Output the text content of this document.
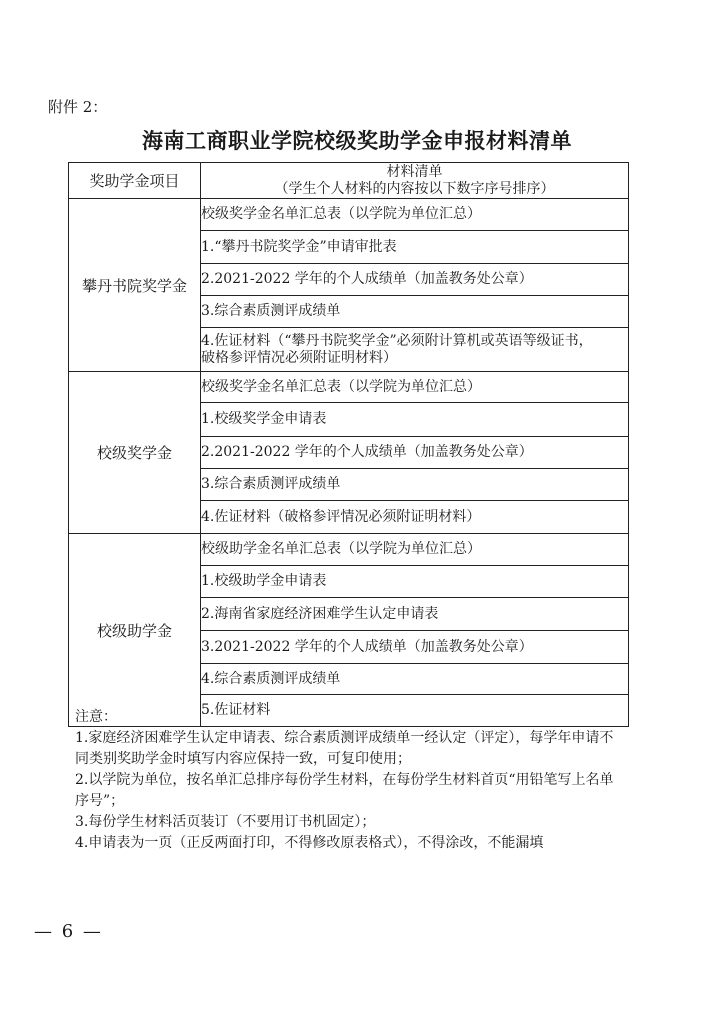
附件 2：
海南工商职业学院校级奖助学金申报材料清单
奖助学金项目	材料清单
（学生个人材料的内容按以下数字序号排序）

攀丹书院奖学金	校级奖学金名单汇总表（以学院为单位汇总）
	1.“攀丹书院奖学金”申请审批表
	2.2021-2022 学年的个人成绩单（加盖教务处公章）
	3.综合素质测评成绩单

	4.佐证材料（“攀丹书院奖学金”必须附计算机或英语等级证书，
破格参评情况必须附证明材料）

校级奖学金	校级奖学金名单汇总表（以学院为单位汇总）
	1.校级奖学金申请表
	2.2021-2022 学年的个人成绩单（加盖教务处公章）
	3.综合素质测评成绩单
	4.佐证材料（破格参评情况必须附证明材料）
校级助学金	校级助学金名单汇总表（以学院为单位汇总）
	1.校级助学金申请表
	2.海南省家庭经济困难学生认定申请表
	3.2021-2022 学年的个人成绩单（加盖教务处公章）
	4.综合素质测评成绩单
	5.佐证材料
注意：
1.家庭经济困难学生认定申请表、综合素质测评成绩单一经认定（评定），每学年申请不
同类别奖助学金时填写内容应保持一致，可复印使用；
2.以学院为单位，按名单汇总排序每份学生材料，在每份学生材料首页“用铅笔写上名单
序号”；
3.每份学生材料活页装订（不要用订书机固定）；
4.申请表为一页（正反两面打印，不得修改原表格式），不得涂改，不能漏填
— 6 —
